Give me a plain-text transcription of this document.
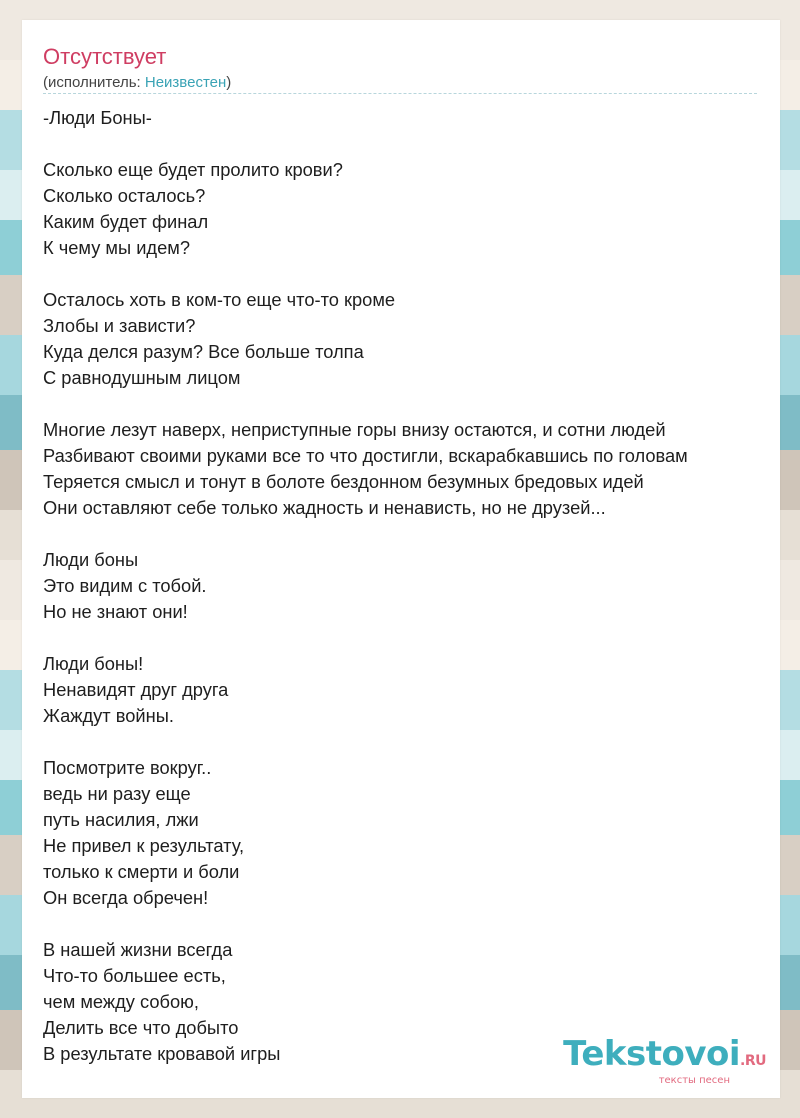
Отсутствует
(исполнитель: Неизвестен)
-Люди Боны-
Сколько еще будет пролито крови?
Сколько осталось?
Каким будет финал
К чему мы идем?
Осталось хоть в ком-то еще что-то кроме
Злобы и зависти?
Куда делся разум? Все больше толпа
С равнодушным лицом
Многие лезут наверх, неприступные горы внизу остаются, и сотни людей
Разбивают своими руками все то что достигли, вскарабкавшись по головам
Теряется смысл и тонут в болоте бездонном безумных бредовых идей
Они оставляют себе только жадность и ненависть, но не друзей...
Люди боны
Это видим с тобой.
Но не знают они!
Люди боны!
Ненавидят друг друга
Жаждут войны.
Посмотрите вокруг..
ведь ни разу еще
путь насилия, лжи
Не привел к результату,
только к смерти и боли
Он всегда обречен!
В нашей жизни всегда
Что-то большее есть,
чем между собою,
Делить все что добыто
В результате кровавой игры	Tekstovoi.RU
тексты песен
